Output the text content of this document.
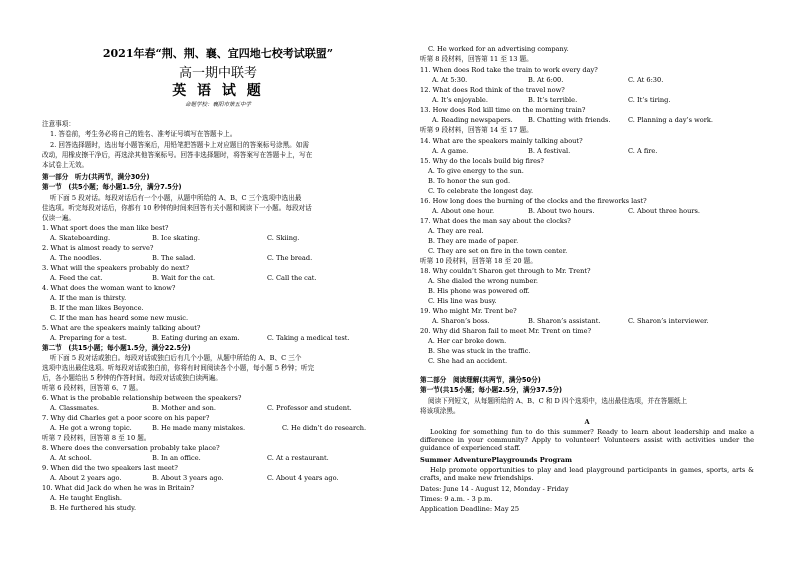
2021年春“荆、荆、襄、宜四地七校考试联盟”
高一期中联考
英 语 试 题
命题学校：襄阳市第五中学
注意事项：
1. 答卷前，考生务必将自己的姓名、准考证号填写在答题卡上。
2. 回答选择题时，选出每小题答案后，用铅笔把答题卡上对应题目的答案标号涂黑。如需
改动，用橡皮擦干净后，再选涂其他答案标号。回答非选择题时，将答案写在答题卡上，写在
本试卷上无效。
第一部分　听力(共两节，满分30分)
第一节　(共5小题；每小题1.5分，满分7.5分)
听下面 5 段对话。每段对话后有一个小题，从题中所给的 A、B、C 三个选项中选出最
佳选项。听完每段对话后，你都有 10 秒钟的时间来回答有关小题和阅读下一小题。每段对话
仅读一遍。
1. What sport does the man like best?
A. Skateboarding.	B. Ice skating.	C. Skiing.
2. What is almost ready to serve?
A. The noodles.	B. The salad.	C. The bread.
3. What will the speakers probably do next?
A. Feed the cat.	B. Wait for the cat.	C. Call the cat.
4. What does the woman want to know?
A. If the man is thirsty.
B. If the man likes Beyonce.
C. If the man has heard some new music.
5. What are the speakers mainly talking about?
A. Preparing for a test.	B. Eating during an exam.	C. Taking a medical test.
第二节　(共15小题；每小题1.5分，满分22.5分)
听下面 5 段对话或独白。每段对话或独白后有几个小题，从题中所给的 A、B、C 三个
选项中选出最佳选项。听每段对话或独白前，你将有时间阅读各个小题，每小题 5 秒钟；听完
后，各小题给出 5 秒钟的作答时间。每段对话或独白读两遍。
听第 6 段材料，回答第 6、7 题。
6. What is the probable relationship between the speakers?
A. Classmates.	B. Mother and son.	C. Professor and student.
7. Why did Charles get a poor score on his paper?
A. He got a wrong topic.	B. He made many mistakes.	C. He didn’t do research.
听第 7 段材料，回答第 8 至 10 题。
8. Where does the conversation probably take place?
A. At school.	B. In an office.	C. At a restaurant.
9. When did the two speakers last meet?
A. About 2 years ago.	B. About 3 years ago.	C. About 4 years ago.
10. What did Jack do when he was in Britain?
A. He taught English.
B. He furthered his study.
C. He worked for an advertising company.
听第 8 段材料，回答第 11 至 13 题。
11. When does Rod take the train to work every day?
A. At 5:30.	B. At 6:00.	C. At 6:30.
12. What does Rod think of the travel now?
A. It’s enjoyable.	B. It’s terrible.	C. It’s tiring.
13. How does Rod kill time on the morning train?
A. Reading newspapers. B. Chatting with friends.	C. Planning a day’s work.
听第 9 段材料，回答第 14 至 17 题。
14. What are the speakers mainly talking about?
A. A game.	B. A festival.	C. A fire.
15. Why do the locals build big fires?
A. To give energy to the sun.
B. To honor the sun god.
C. To celebrate the longest day.
16. How long does the burning of the clocks and the fireworks last?
A. About one hour.	B. About two hours.	C. About three hours.
17. What does the man say about the clocks?
A. They are real.
B. They are made of paper.
C. They are set on fire in the town center.
听第 10 段材料，回答第 18 至 20 题。
18. Why couldn’t Sharon get through to Mr. Trent?
A. She dialed the wrong number.
B. His phone was powered off.
C. His line was busy.
19. Who might Mr. Trent be?
A. Sharon’s boss.	B. Sharon’s assistant.	C. Sharon’s interviewer.
20. Why did Sharon fail to meet Mr. Trent on time?
A. Her car broke down.
B. She was stuck in the traffic.
C. She had an accident.
第二部分　阅读理解(共两节，满分50分)
第一节(共15小题；每小题2.5分，满分37.5分)
阅读下列短文，从每题所给的 A、B、C 和 D 四个选项中，选出最佳选项，并在答题纸上
将该项涂黑。
A
Looking for something fun to do this summer? Ready to learn about leadership and make a difference in your community? Apply to volunteer! Volunteers assist with activities under the guidance of experienced staff.
Summer AdventurePlaygrounds Program
Help promote opportunities to play and lead playground participants in games, sports, arts & crafts, and make new friendships.
Dates: June 14 - August 12, Monday - Friday
Times: 9 a.m. - 3 p.m.
Application Deadline: May 25
